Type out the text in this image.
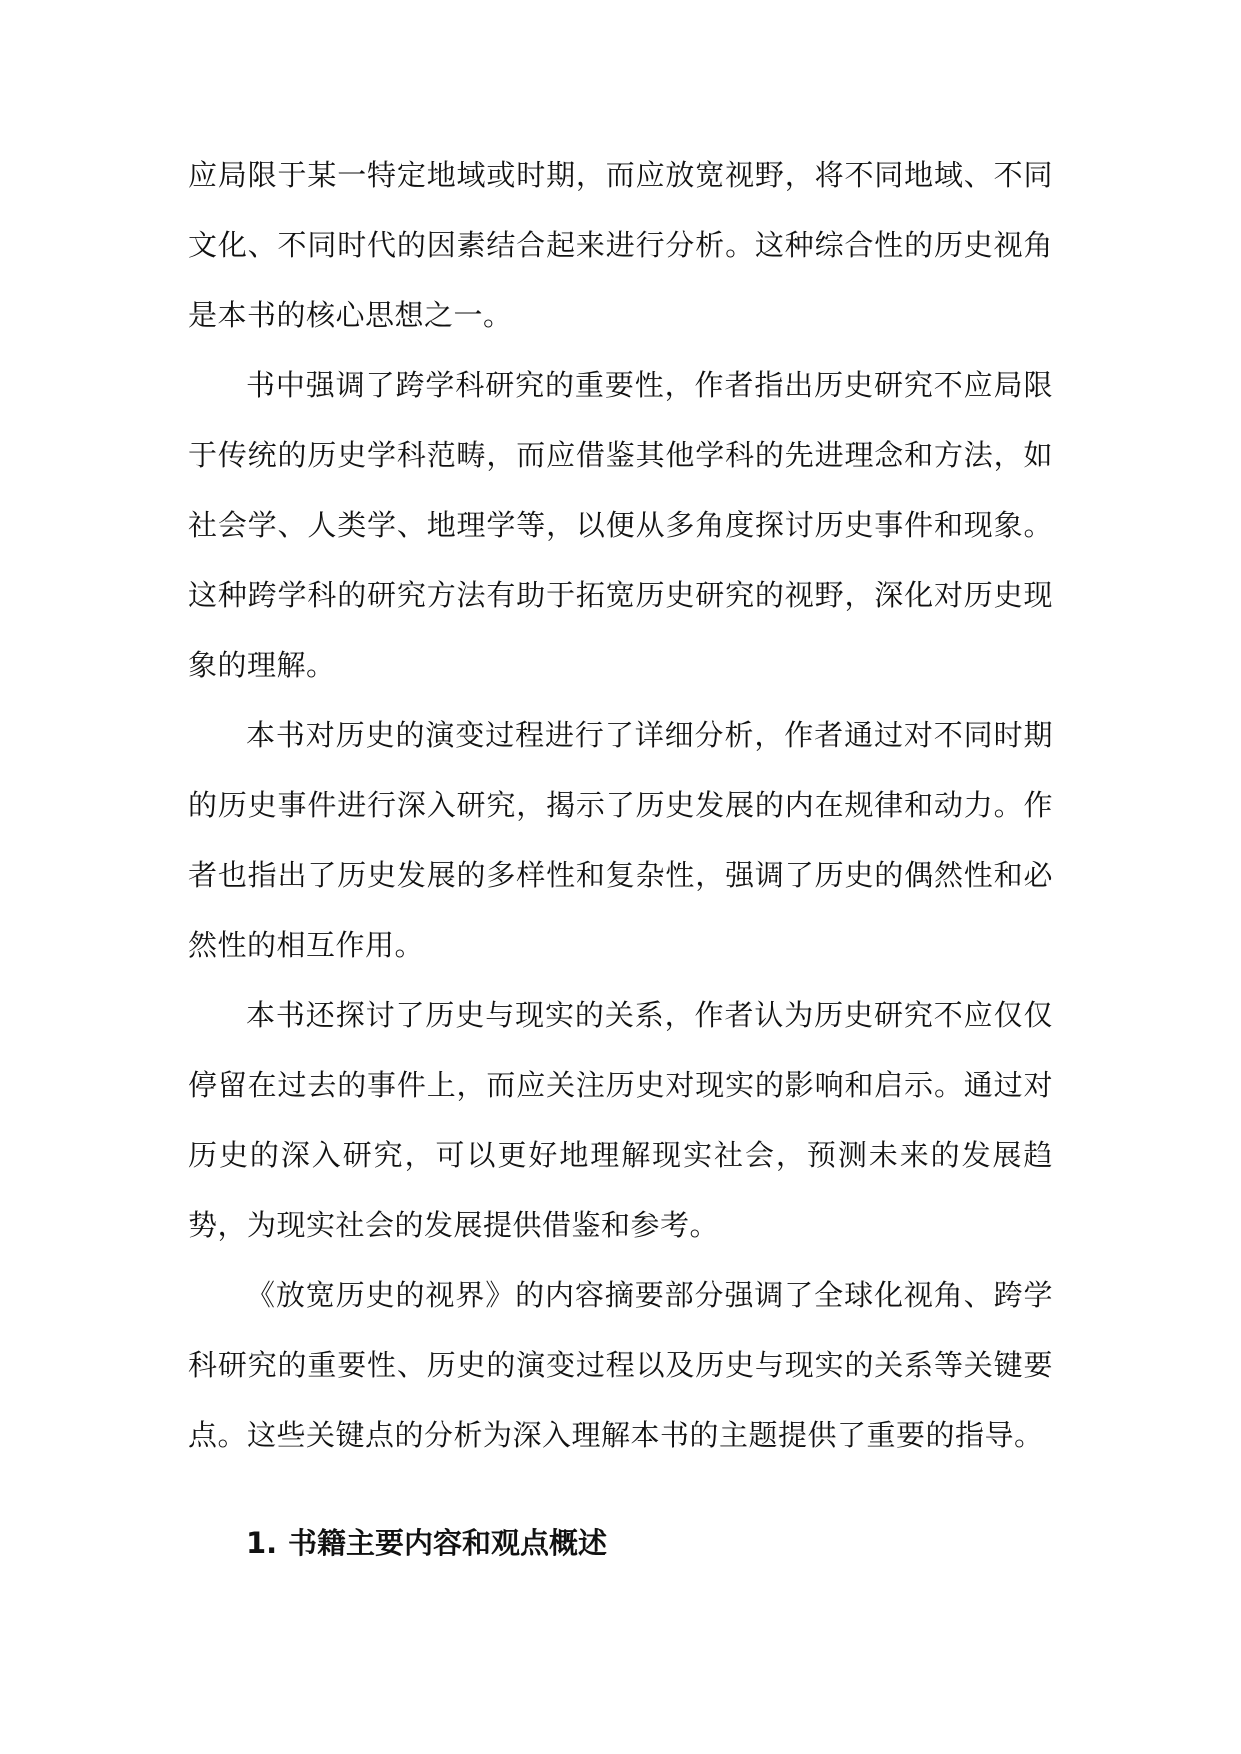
应局限于某一特定地域或时期，而应放宽视野，将不同地域、不同文化、不同时代的因素结合起来进行分析。这种综合性的历史视角是本书的核心思想之一。

书中强调了跨学科研究的重要性，作者指出历史研究不应局限于传统的历史学科范畴，而应借鉴其他学科的先进理念和方法，如社会学、人类学、地理学等，以便从多角度探讨历史事件和现象。这种跨学科的研究方法有助于拓宽历史研究的视野，深化对历史现象的理解。

本书对历史的演变过程进行了详细分析，作者通过对不同时期的历史事件进行深入研究，揭示了历史发展的内在规律和动力。作者也指出了历史发展的多样性和复杂性，强调了历史的偶然性和必然性的相互作用。

本书还探讨了历史与现实的关系，作者认为历史研究不应仅仅停留在过去的事件上，而应关注历史对现实的影响和启示。通过对历史的深入研究，可以更好地理解现实社会，预测未来的发展趋势，为现实社会的发展提供借鉴和参考。

《放宽历史的视界》的内容摘要部分强调了全球化视角、跨学科研究的重要性、历史的演变过程以及历史与现实的关系等关键要点。这些关键点的分析为深入理解本书的主题提供了重要的指导。

1. 书籍主要内容和观点概述
